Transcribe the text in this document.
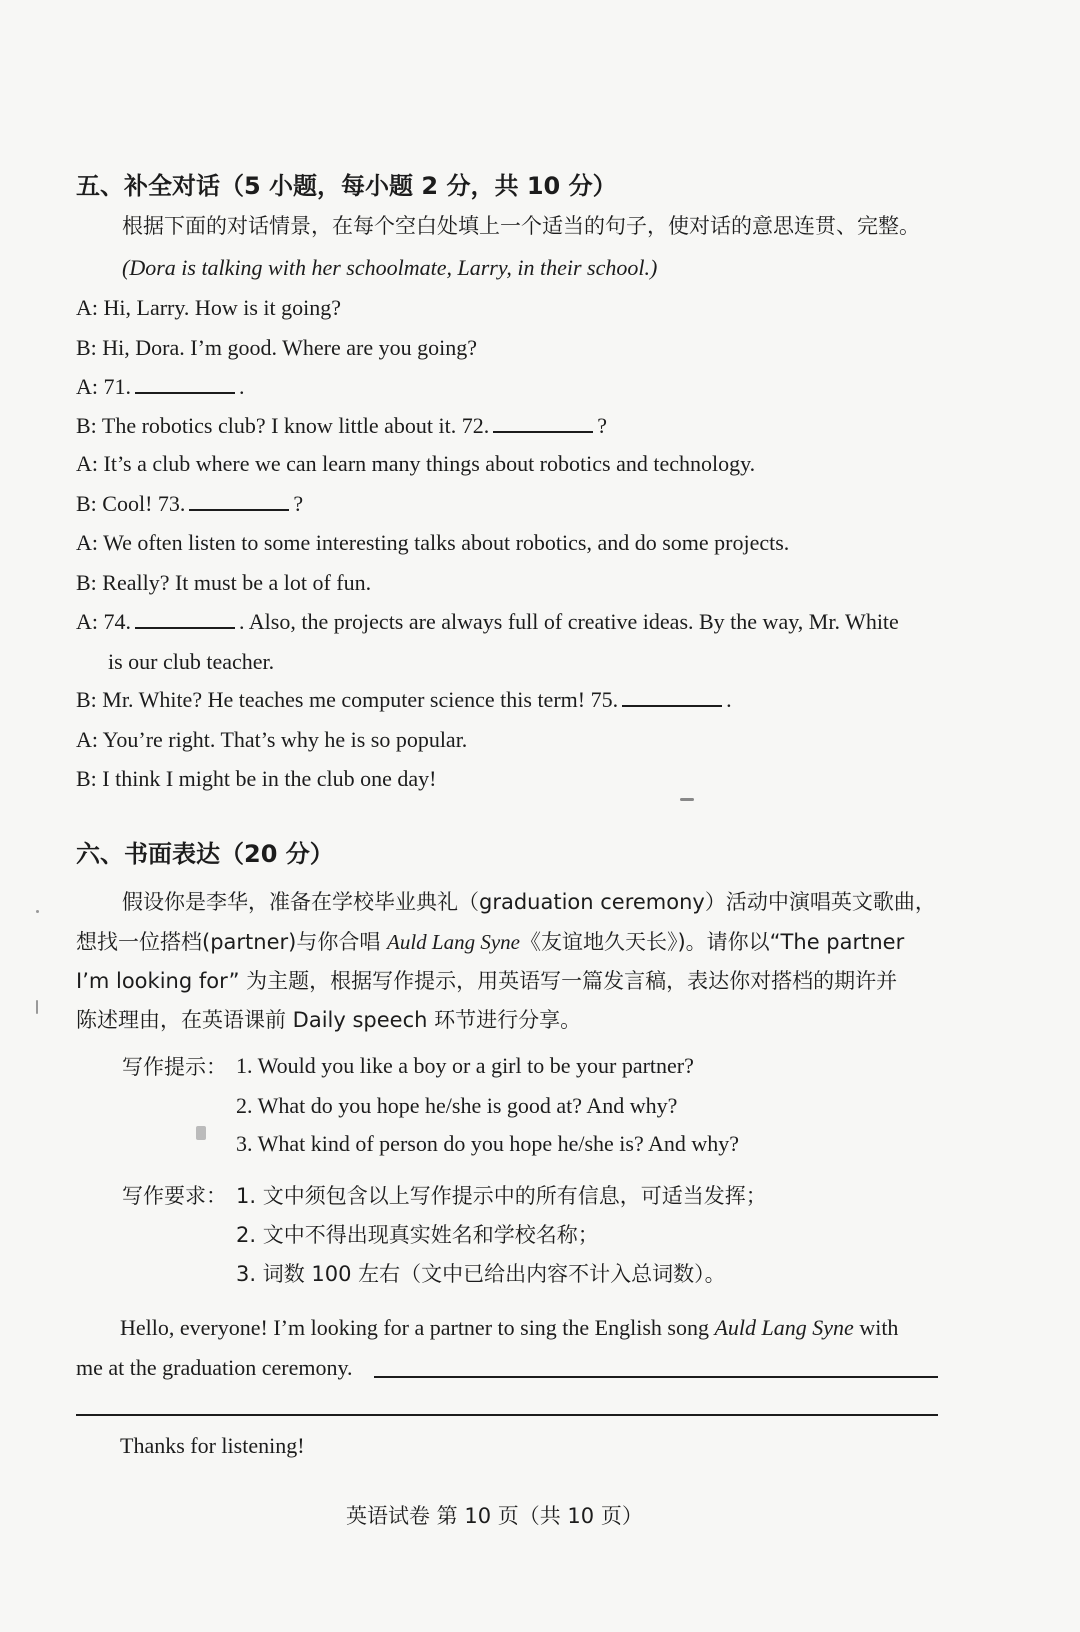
五、补全对话（5 小题，每小题 2 分，共 10 分）
根据下面的对话情景，在每个空白处填上一个适当的句子，使对话的意思连贯、完整。
(Dora is talking with her schoolmate, Larry, in their school.)
A: Hi, Larry. How is it going?
B: Hi, Dora. I’m good. Where are you going?
A: 71.	.
B: The robotics club? I know little about it. 72.	?
A: It’s a club where we can learn many things about robotics and technology.
B: Cool! 73.	?
A: We often listen to some interesting talks about robotics, and do some projects.
B: Really? It must be a lot of fun.
A: 74.	. Also, the projects are always full of creative ideas. By the way, Mr. White
is our club teacher.
B: Mr. White? He teaches me computer science this term! 75.	.
A: You’re right. That’s why he is so popular.
B: I think I might be in the club one day!
六、书面表达（20 分）
假设你是李华，准备在学校毕业典礼（graduation ceremony）活动中演唱英文歌曲，
想找一位搭档(partner)与你合唱 Auld Lang Syne《友谊地久天长》)。请你以“The partner
I’m looking for” 为主题，根据写作提示，用英语写一篇发言稿，表达你对搭档的期许并
陈述理由，在英语课前 Daily speech 环节进行分享。
写作提示： 1. Would you like a boy or a girl to be your partner?
2. What do you hope he/she is good at? And why?
3. What kind of person do you hope he/she is? And why?
写作要求： 1. 文中须包含以上写作提示中的所有信息，可适当发挥；
2. 文中不得出现真实姓名和学校名称；
3. 词数 100 左右（文中已给出内容不计入总词数）。
Hello, everyone! I’m looking for a partner to sing the English song Auld Lang Syne with
me at the graduation ceremony.
Thanks for listening!
英语试卷 第 10 页（共 10 页）
